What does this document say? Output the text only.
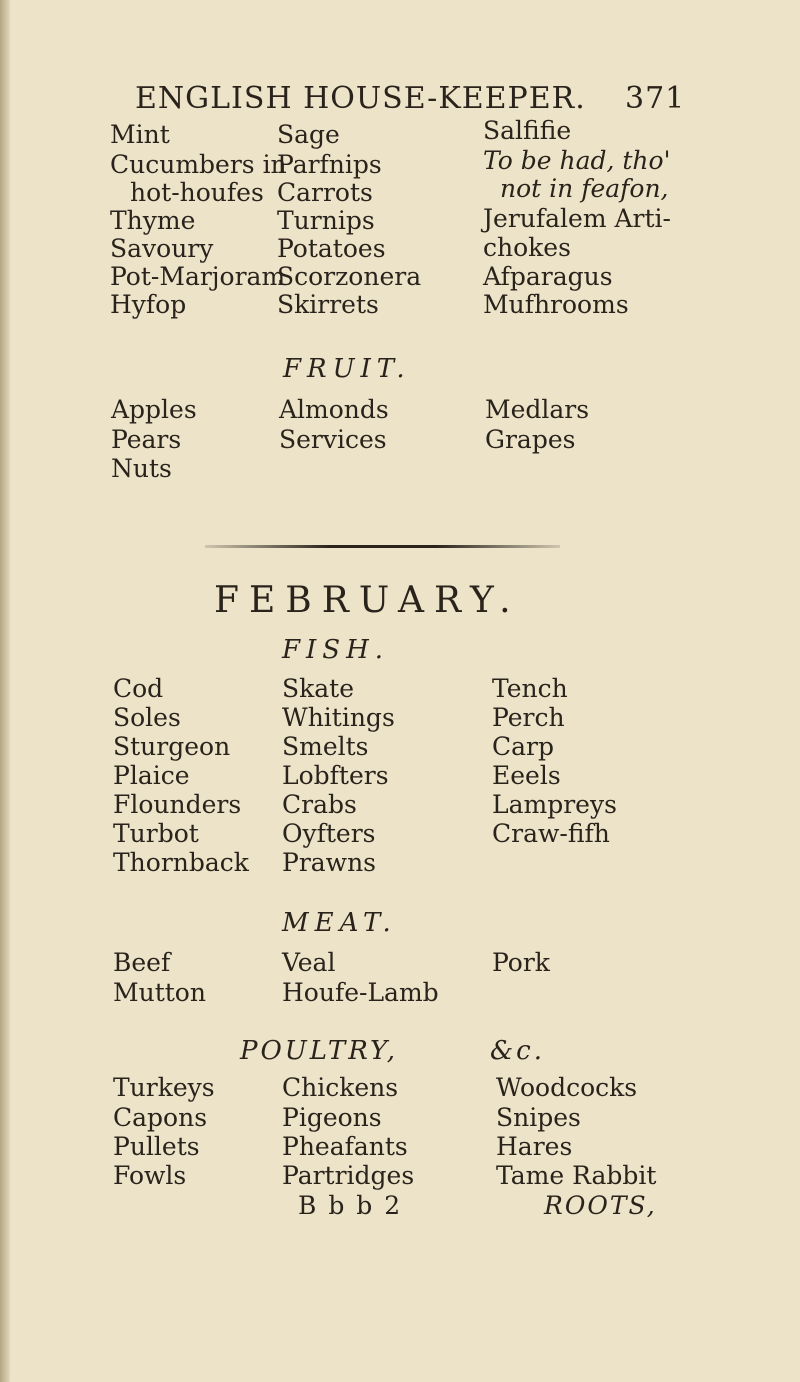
ENGLISH HOUSE-KEEPER. 371
Mint
Cucumbers in
hot-houfes
Thyme
Savoury
Pot-Marjoram
Hyfop
Sage
Parfnips
Carrots
Turnips
Potatoes
Scorzonera
Skirrets
Salfifie
To be had, tho'
not in feafon,
Jerufalem Arti-
chokes
Afparagus
Mufhrooms
FRUIT.
Apples
Pears
Nuts
Almonds
Services
Medlars
Grapes
FEBRUARY.
FISH.
Cod
Soles
Sturgeon
Plaice
Flounders
Turbot
Thornback
Skate
Whitings
Smelts
Lobfters
Crabs
Oyfters
Prawns
Tench
Perch
Carp
Eeels
Lampreys
Craw-fifh
MEAT.
Beef
Mutton
Veal
Houfe-Lamb
Pork
POULTRY,	&c.
Turkeys
Capons
Pullets
Fowls
Chickens
Pigeons
Pheafants
Partridges
Woodcocks
Snipes
Hares
Tame Rabbit
B b b 2	ROOTS,
